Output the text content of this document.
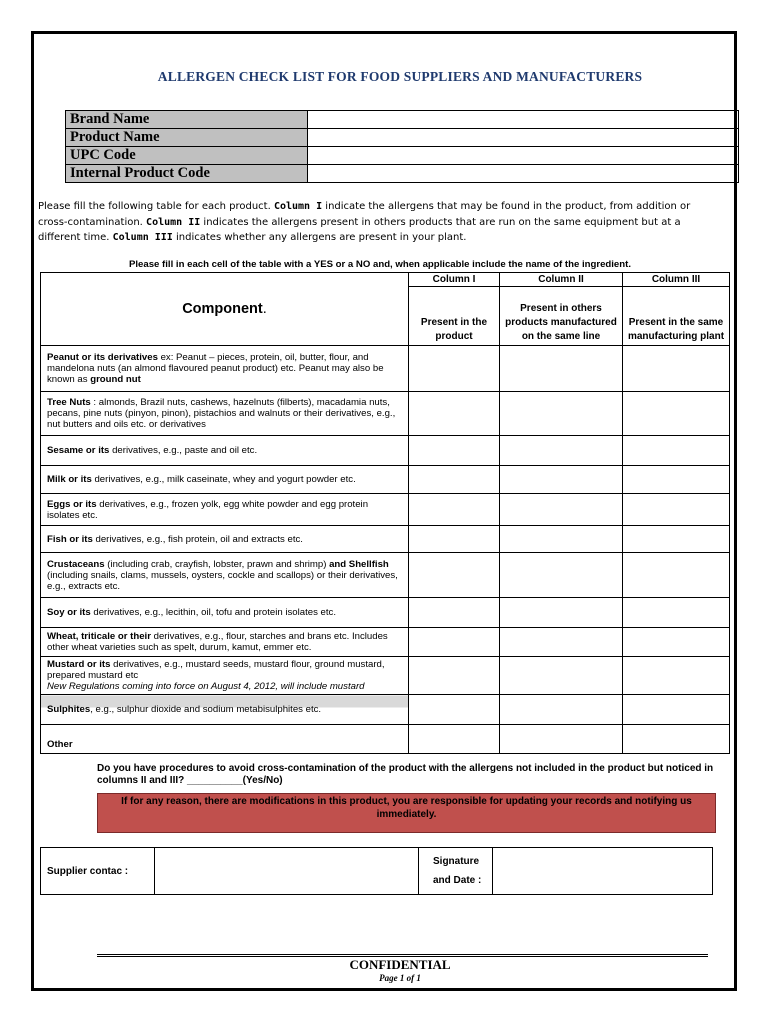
ALLERGEN CHECK LIST FOR FOOD SUPPLIERS AND MANUFACTURERS
Brand Name	
Product Name	
UPC Code	
Internal Product Code	
Please fill the following table for each product. Column I indicate the allergens that may be found in the product, from addition or cross-contamination. Column II indicates the allergens present in others products that are run on the same equipment but at a different time. Column III indicates whether any allergens are present in your plant.
Please fill in each cell of the table with a YES or a NO and, when applicable include the name of the ingredient.
Component.	Column I	Column II	Column III
	Present in the product	Present in others products manufactured on the same line	Present in the same manufacturing plant
Peanut or its derivatives ex: Peanut – pieces, protein, oil, butter, flour, and mandelona nuts (an almond flavoured peanut product) etc. Peanut may also be known as ground nut			
Tree Nuts : almonds, Brazil nuts, cashews, hazelnuts (filberts), macadamia nuts, pecans, pine nuts (pinyon, pinon), pistachios and walnuts or their derivatives, e.g., nut butters and oils etc. or derivatives			
Sesame or its derivatives, e.g., paste and oil etc.			
Milk or its derivatives, e.g., milk caseinate, whey and yogurt powder etc.			
Eggs or its derivatives, e.g., frozen yolk, egg white powder and egg protein isolates etc.			
Fish or its derivatives, e.g., fish protein, oil and extracts etc.			
Crustaceans (including crab, crayfish, lobster, prawn and shrimp) and Shellfish (including snails, clams, mussels, oysters, cockle and scallops) or their derivatives, e.g., extracts etc.			
Soy or its derivatives, e.g., lecithin, oil, tofu and protein isolates etc.			
Wheat, triticale or their derivatives, e.g., flour, starches and brans etc. Includes other wheat varieties such as spelt, durum, kamut, emmer etc.			
Mustard or its derivatives, e.g., mustard seeds, mustard flour, ground mustard, prepared mustard etc
New Regulations coming into force on August 4, 2012, will include mustard			
Sulphites, e.g., sulphur dioxide and sodium metabisulphites etc.			
Other			
Do you have procedures to avoid cross-contamination of the product with the allergens not included in the product but noticed in columns II and III? __________(Yes/No)
If for any reason, there are modifications in this product, you are responsible for updating your records and notifying us immediately.
Supplier contac :		Signature and Date :	
CONFIDENTIAL
Page 1 of 1
